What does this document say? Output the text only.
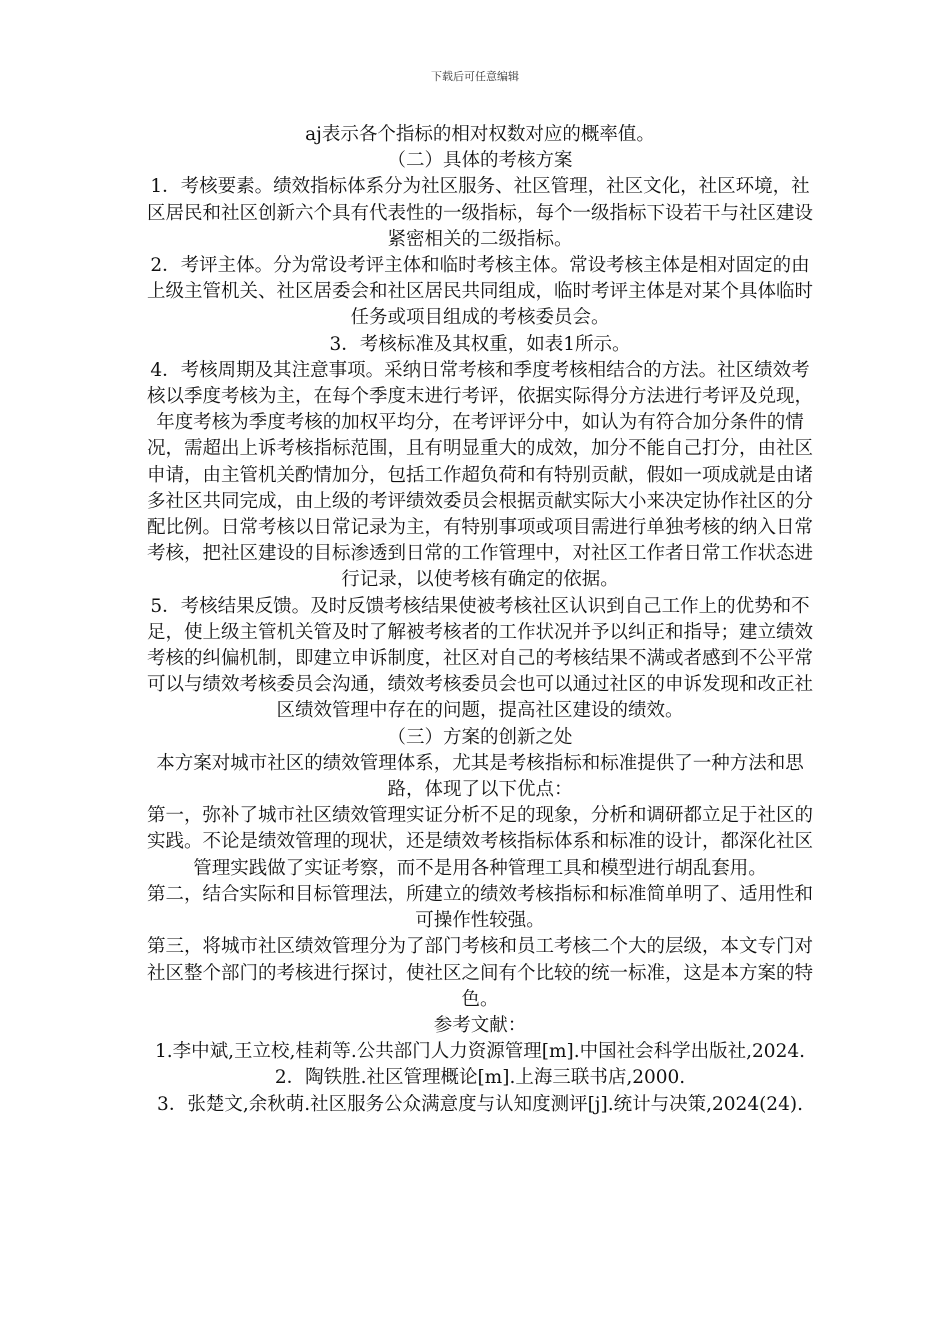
下载后可任意编辑

aj表示各个指标的相对权数对应的概率值。

（二）具体的考核方案

1．考核要素。绩效指标体系分为社区服务、社区管理，社区文化，社区环境，社区居民和社区创新六个具有代表性的一级指标，每个一级指标下设若干与社区建设紧密相关的二级指标。

2．考评主体。分为常设考评主体和临时考核主体。常设考核主体是相对固定的由上级主管机关、社区居委会和社区居民共同组成，临时考评主体是对某个具体临时任务或项目组成的考核委员会。

3．考核标准及其权重，如表1所示。

4．考核周期及其注意事项。采纳日常考核和季度考核相结合的方法。社区绩效考核以季度考核为主，在每个季度末进行考评，依据实际得分方法进行考评及兑现，年度考核为季度考核的加权平均分，在考评评分中，如认为有符合加分条件的情况，需超出上诉考核指标范围，且有明显重大的成效，加分不能自己打分，由社区申请，由主管机关酌情加分，包括工作超负荷和有特别贡献，假如一项成就是由诸多社区共同完成，由上级的考评绩效委员会根据贡献实际大小来决定协作社区的分配比例。日常考核以日常记录为主，有特别事项或项目需进行单独考核的纳入日常考核，把社区建设的目标渗透到日常的工作管理中，对社区工作者日常工作状态进行记录，以使考核有确定的依据。

5．考核结果反馈。及时反馈考核结果使被考核社区认识到自己工作上的优势和不足，使上级主管机关管及时了解被考核者的工作状况并予以纠正和指导；建立绩效考核的纠偏机制，即建立申诉制度，社区对自己的考核结果不满或者感到不公平常可以与绩效考核委员会沟通，绩效考核委员会也可以通过社区的申诉发现和改正社区绩效管理中存在的问题，提高社区建设的绩效。

（三）方案的创新之处

本方案对城市社区的绩效管理体系，尤其是考核指标和标准提供了一种方法和思路，体现了以下优点：

第一，弥补了城市社区绩效管理实证分析不足的现象，分析和调研都立足于社区的实践。不论是绩效管理的现状，还是绩效考核指标体系和标准的设计，都深化社区管理实践做了实证考察，而不是用各种管理工具和模型进行胡乱套用。

第二，结合实际和目标管理法，所建立的绩效考核指标和标准简单明了、适用性和可操作性较强。

第三，将城市社区绩效管理分为了部门考核和员工考核二个大的层级，本文专门对社区整个部门的考核进行探讨，使社区之间有个比较的统一标准，这是本方案的特色。

参考文献：

1.李中斌,王立校,桂莉等.公共部门人力资源管理[m].中国社会科学出版社,2024.

2．陶铁胜.社区管理概论[m].上海三联书店,2000.

3．张楚文,余秋萌.社区服务公众满意度与认知度测评[j].统计与决策,2024(24).
